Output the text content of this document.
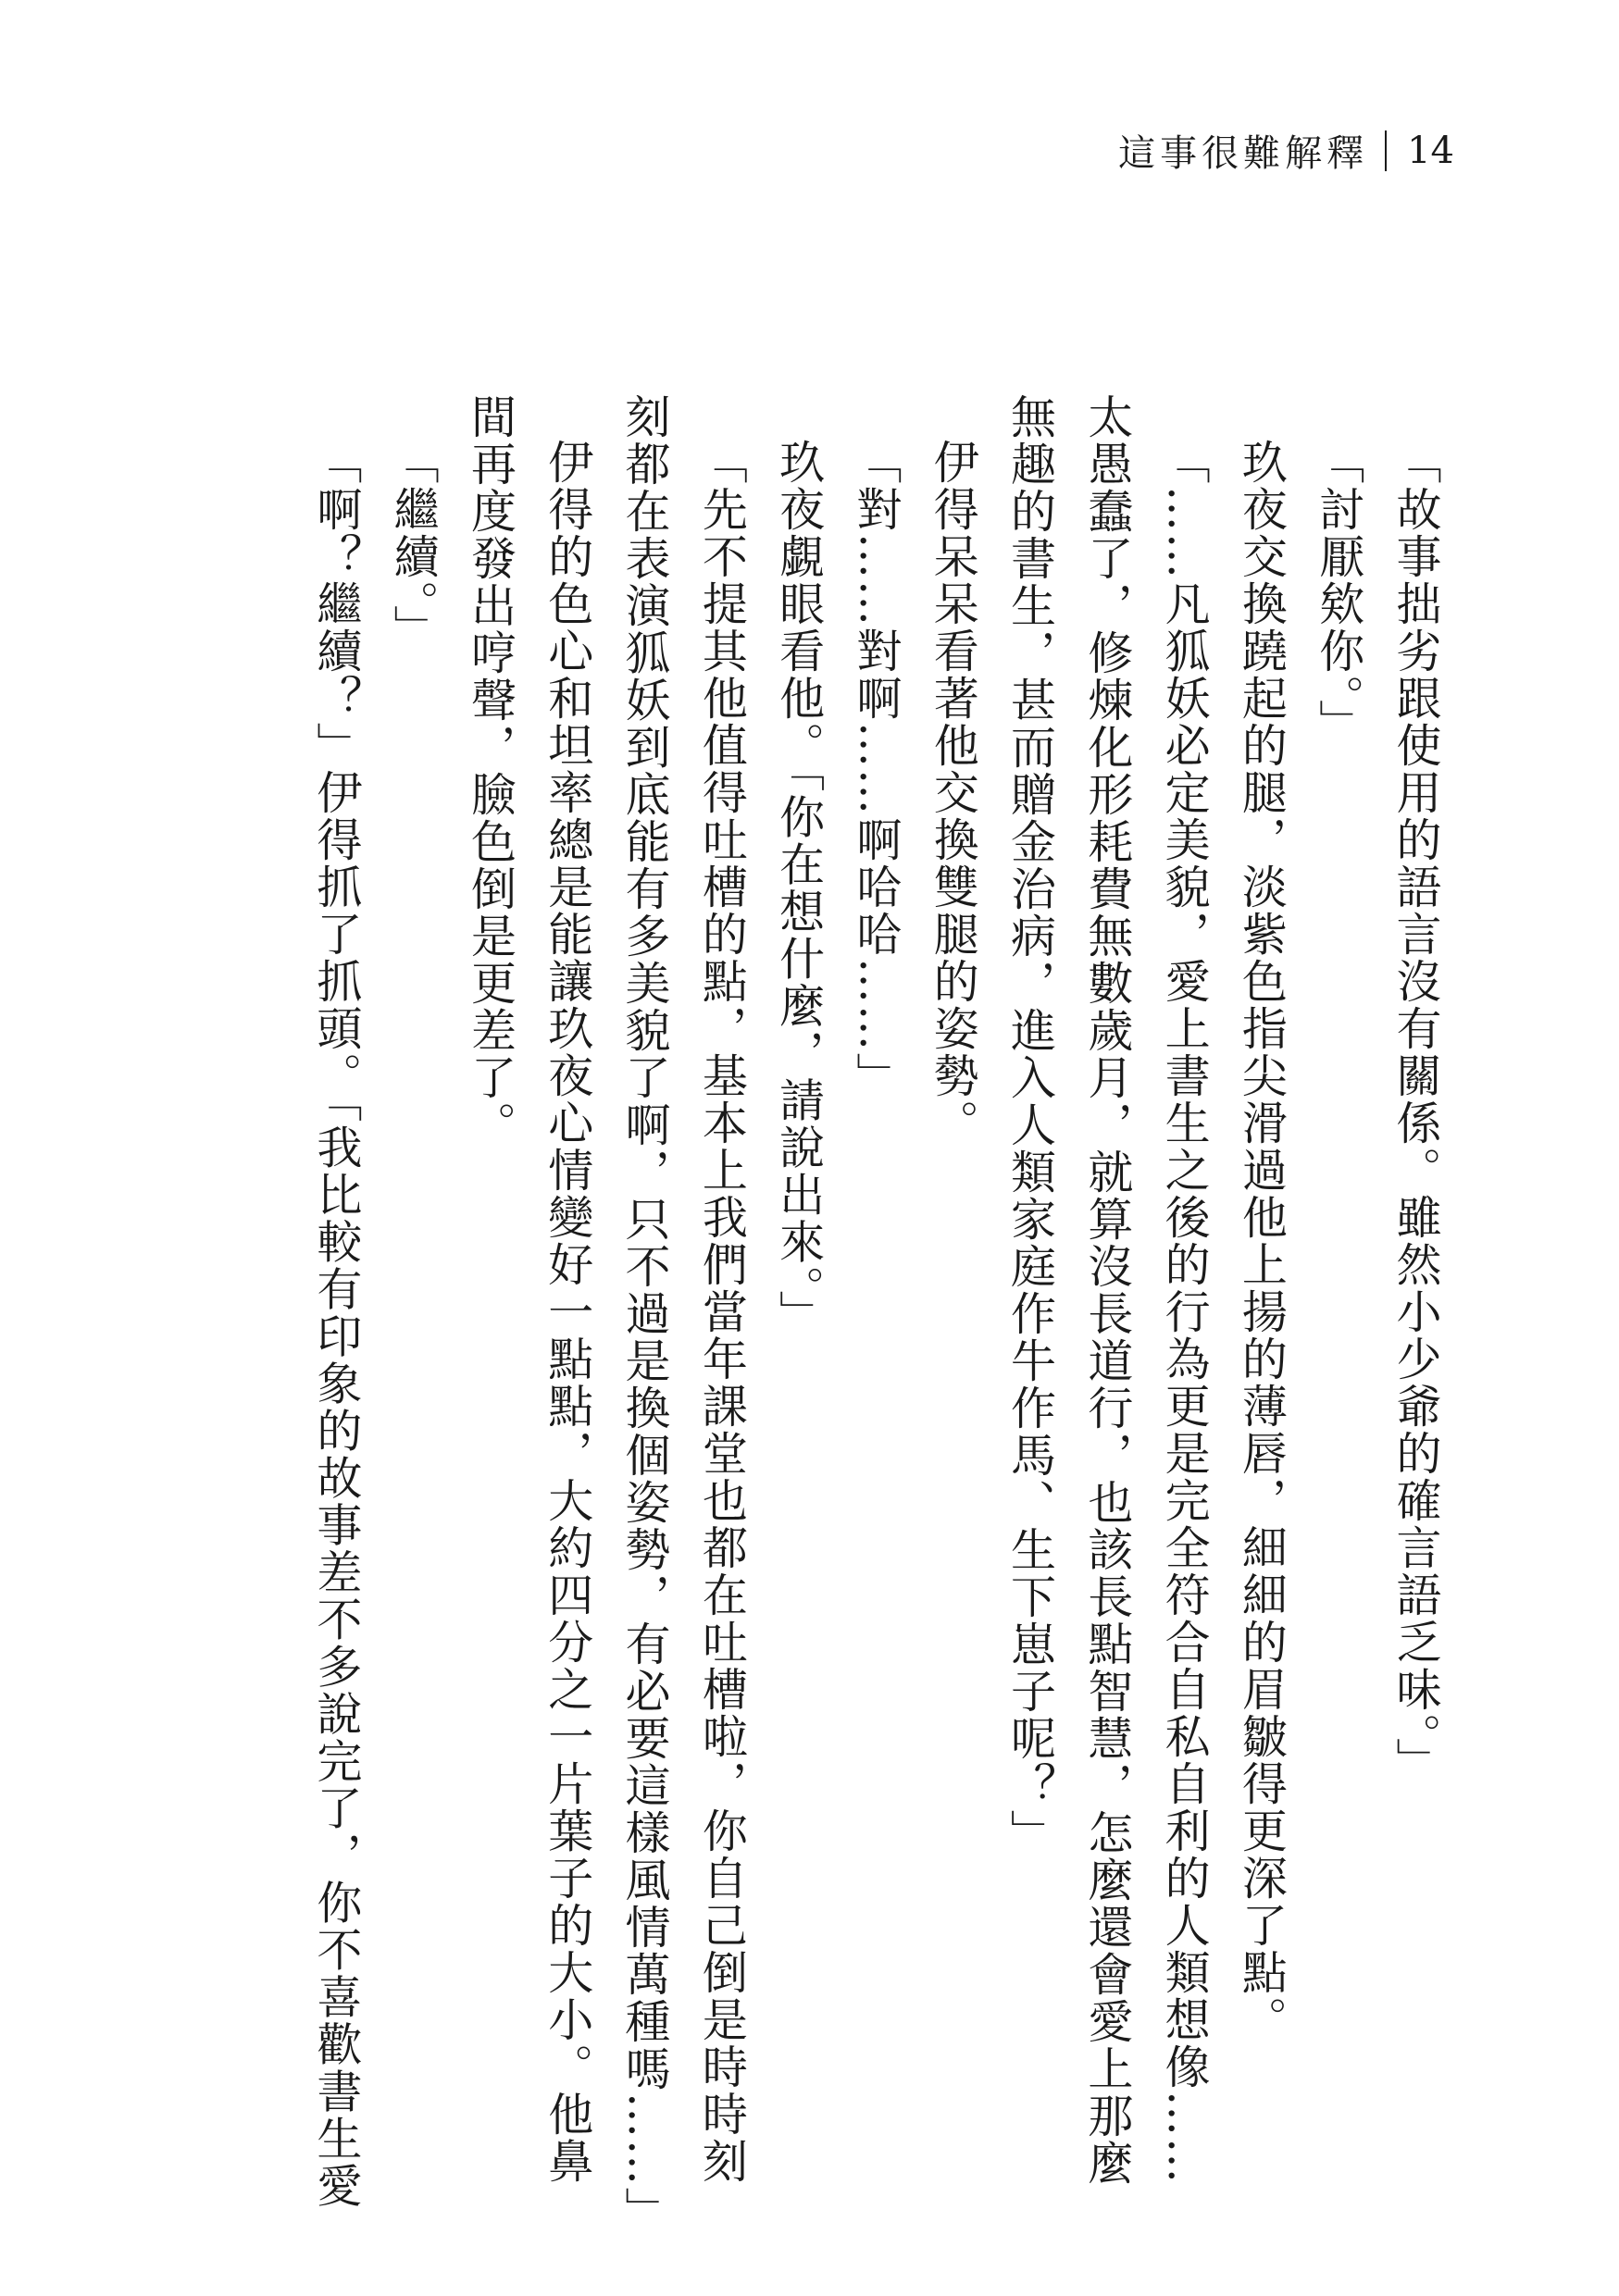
這事很難解釋 14

「故事拙劣跟使用的語言沒有關係。雖然小少爺的確言語乏味。」

「討厭欸你。」

玖夜交換蹺起的腿，淡紫色指尖滑過他上揚的薄唇，細細的眉皺得更深了點。

「……凡狐妖必定美貌，愛上書生之後的行為更是完全符合自私自利的人類想像……太愚蠢了，修煉化形耗費無數歲月，就算沒長道行，也該長點智慧，怎麼還會愛上那麼無趣的書生，甚而贈金治病，進入人類家庭作牛作馬、生下崽子呢？」

伊得呆呆看著他交換雙腿的姿勢。

「對……對啊……啊哈哈……」

玖夜覷眼看他。「你在想什麼，請說出來。」

「先不提其他值得吐槽的點，基本上我們當年課堂也都在吐槽啦，你自己倒是時時刻刻都在表演狐妖到底能有多美貌了啊，只不過是換個姿勢，有必要這樣風情萬種嗎……」

伊得的色心和坦率總是能讓玖夜心情變好一點點，大約四分之一片葉子的大小。他鼻間再度發出哼聲，臉色倒是更差了。

「繼續。」

「啊？繼續？」伊得抓了抓頭。「我比較有印象的故事差不多說完了，你不喜歡書生愛
